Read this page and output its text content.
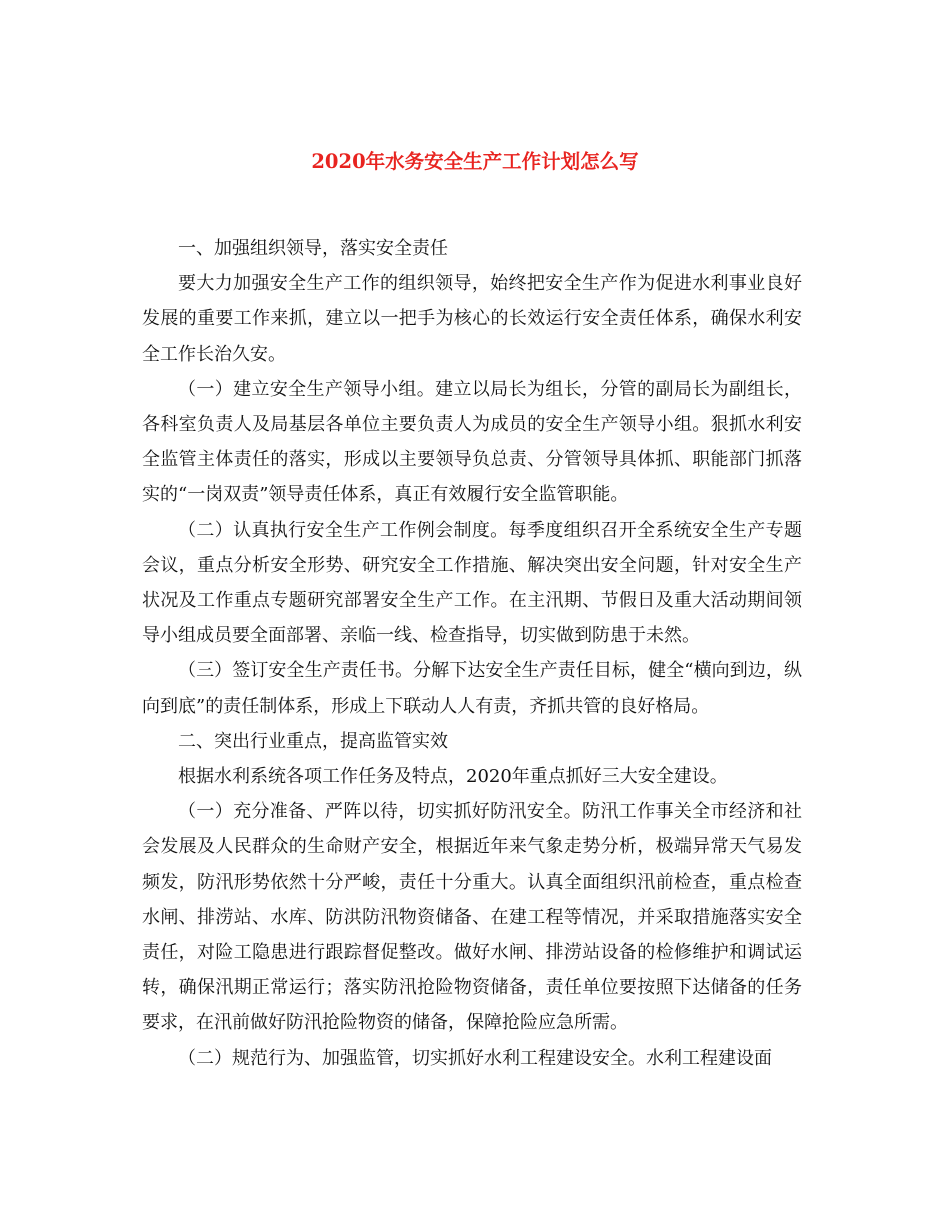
2020年水务安全生产工作计划怎么写

一、加强组织领导，落实安全责任

要大力加强安全生产工作的组织领导，始终把安全生产作为促进水利事业良好发展的重要工作来抓，建立以一把手为核心的长效运行安全责任体系，确保水利安全工作长治久安。

（一）建立安全生产领导小组。建立以局长为组长，分管的副局长为副组长，各科室负责人及局基层各单位主要负责人为成员的安全生产领导小组。狠抓水利安全监管主体责任的落实，形成以主要领导负总责、分管领导具体抓、职能部门抓落实的“一岗双责”领导责任体系，真正有效履行安全监管职能。

（二）认真执行安全生产工作例会制度。每季度组织召开全系统安全生产专题会议，重点分析安全形势、研究安全工作措施、解决突出安全问题，针对安全生产状况及工作重点专题研究部署安全生产工作。在主汛期、节假日及重大活动期间领导小组成员要全面部署、亲临一线、检查指导，切实做到防患于未然。

（三）签订安全生产责任书。分解下达安全生产责任目标，健全“横向到边，纵向到底”的责任制体系，形成上下联动人人有责，齐抓共管的良好格局。

二、突出行业重点，提高监管实效

根据水利系统各项工作任务及特点，2020年重点抓好三大安全建设。

（一）充分准备、严阵以待，切实抓好防汛安全。防汛工作事关全市经济和社会发展及人民群众的生命财产安全，根据近年来气象走势分析，极端异常天气易发频发，防汛形势依然十分严峻，责任十分重大。认真全面组织汛前检查，重点检查水闸、排涝站、水库、防洪防汛物资储备、在建工程等情况，并采取措施落实安全责任，对险工隐患进行跟踪督促整改。做好水闸、排涝站设备的检修维护和调试运转，确保汛期正常运行；落实防汛抢险物资储备，责任单位要按照下达储备的任务要求，在汛前做好防汛抢险物资的储备，保障抢险应急所需。

（二）规范行为、加强监管，切实抓好水利工程建设安全。水利工程建设面
